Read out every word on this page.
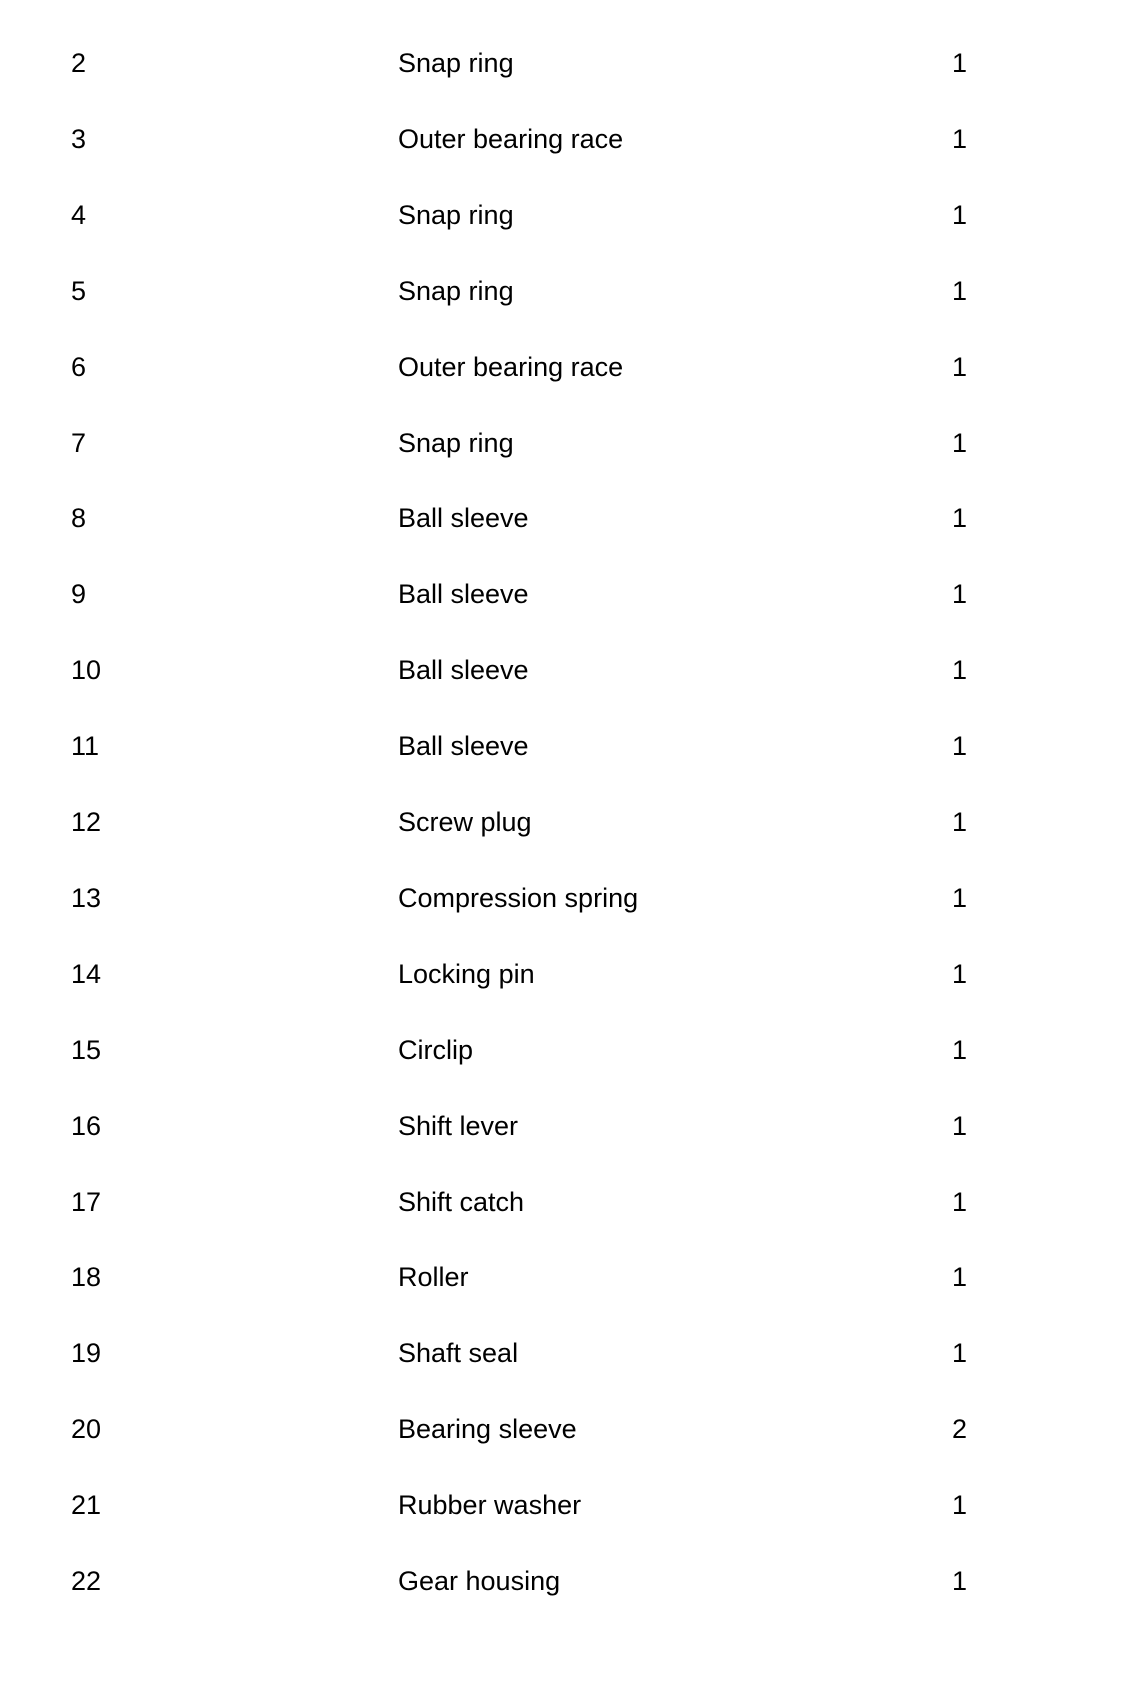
2	Snap ring	1
3	Outer bearing race	1
4	Snap ring	1
5	Snap ring	1
6	Outer bearing race	1
7	Snap ring	1
8	Ball sleeve	1
9	Ball sleeve	1
10	Ball sleeve	1
11	Ball sleeve	1
12	Screw plug	1
13	Compression spring	1
14	Locking pin	1
15	Circlip	1
16	Shift lever	1
17	Shift catch	1
18	Roller	1
19	Shaft seal	1
20	Bearing sleeve	2
21	Rubber washer	1
22	Gear housing	1
